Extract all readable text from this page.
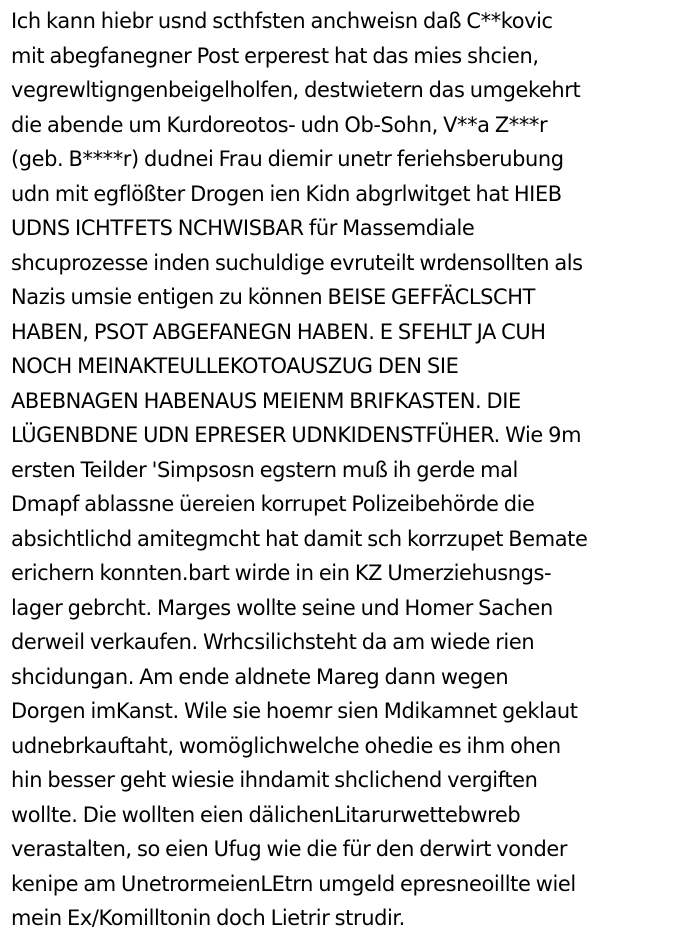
Ich kann hiebr usnd scthfsten anchweisn daß C**kovic
mit abegfanegner Post erperest hat das mies shcien,
vegrewltigngenbeigelholfen, destwietern das umgekehrt
die abende um Kurdoreotos- udn Ob-Sohn, V**a Z***r
(geb. B****r) dudnei Frau diemir unetr feriehsberubung
udn mit egflößter Drogen ien Kidn abgrlwitget hat HIEB
UDNS ICHTFETS NCHWISBAR für Massemdiale
shcuprozesse inden suchuldige evruteilt wrdensollten als
Nazis umsie entigen zu können BEISE GEFFÄCLSCHT
HABEN, PSOT ABGEFANEGN HABEN. E SFEHLT JA CUH
NOCH MEINAKTEULLEKOTOAUSZUG DEN SIE
ABEBNAGEN HABENAUS MEIENM BRIFKASTEN. DIE
LÜGENBDNE UDN EPRESER UDNKIDENSTFÜHER. Wie 9m
ersten Teilder 'Simpsosn egstern muß ih gerde mal
Dmapf ablassne üereien korrupet Polizeibehörde die
absichtlichd amitegmcht hat damit sch korrzupet Bemate
erichern konnten.bart wirde in ein KZ Umerziehusngs-
lager gebrcht. Marges wollte seine und Homer Sachen
derweil verkaufen. Wrhcsilichsteht da am wiede rien
shcidungan. Am ende aldnete Mareg dann wegen
Dorgen imKanst. Wile sie hoemr sien Mdikamnet geklaut
udnebrkauftaht, womöglichwelche ohedie es ihm ohen
hin besser geht wiesie ihndamit shclichend vergiften
wollte. Die wollten eien dälichenLitarurwettebwreb
verastalten, so eien Ufug wie die für den derwirt vonder
kenipe am UnetrormeienLEtrn umgeld epresneoillte wiel
mein Ex/Komilltonin doch Lietrir strudir.
